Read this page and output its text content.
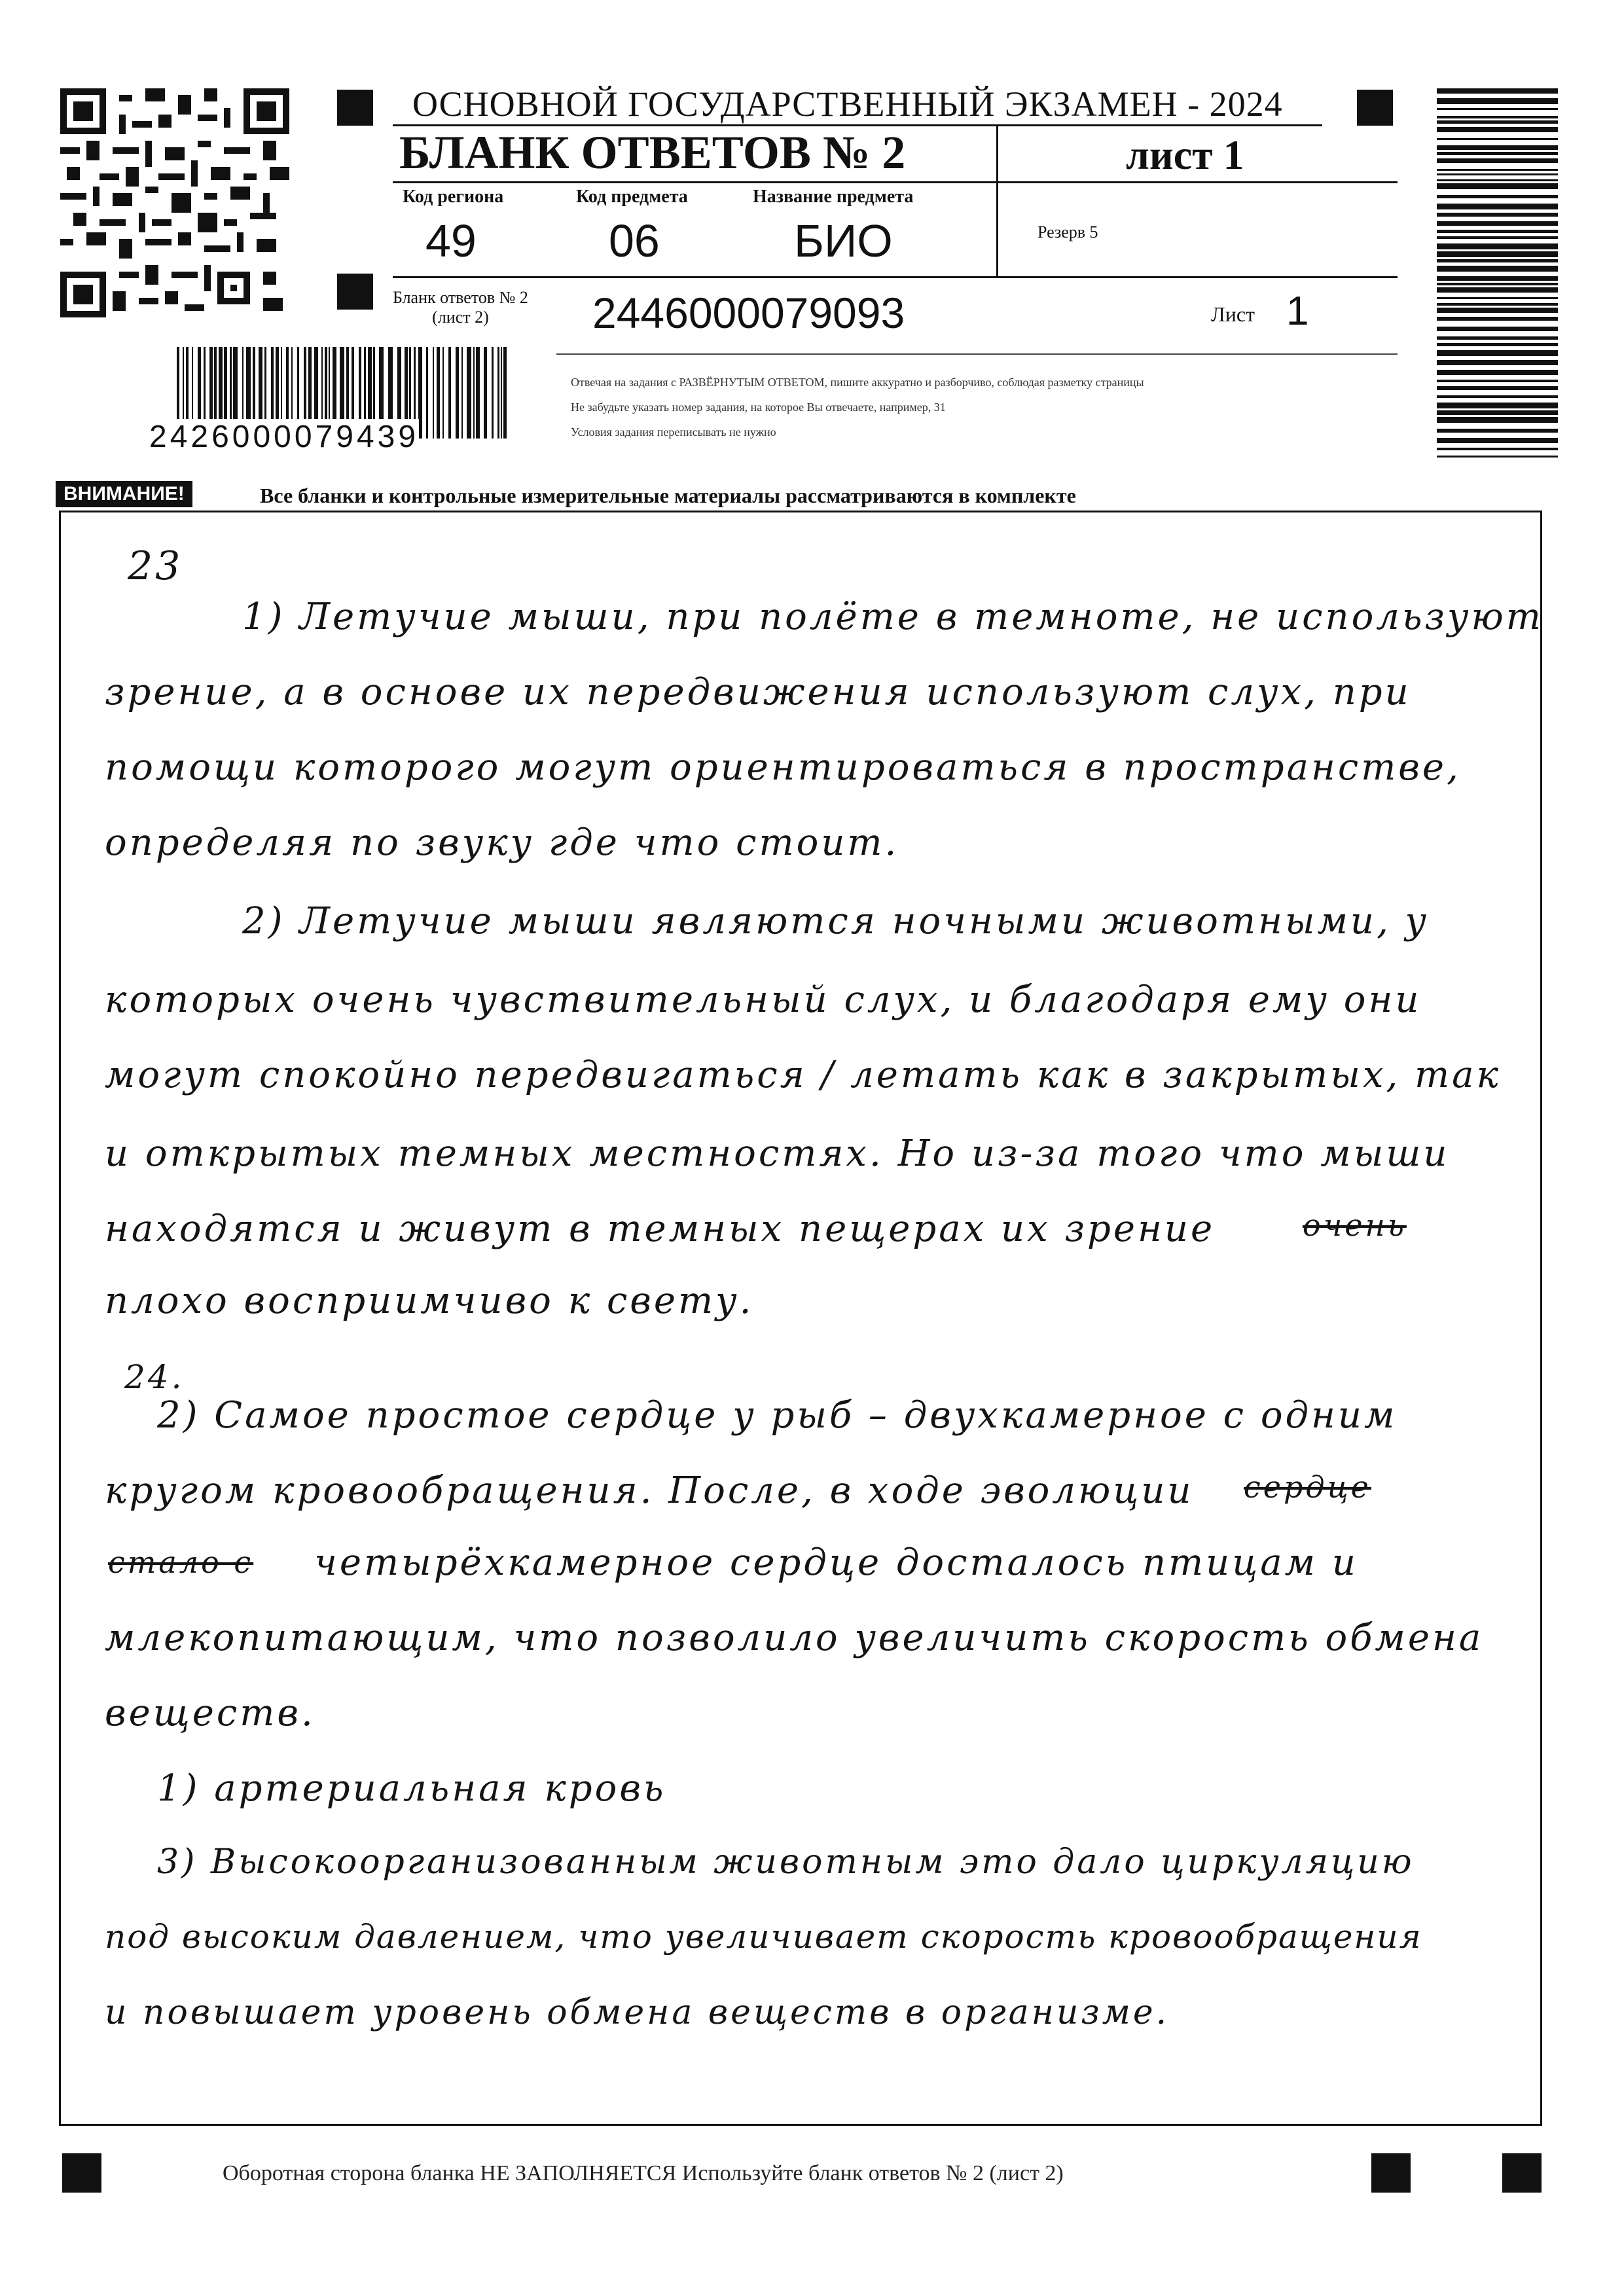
ОСНОВНОЙ ГОСУДАРСТВЕННЫЙ ЭКЗАМЕН - 2024
БЛАНК ОТВЕТОВ № 2	лист 1
Код региона
49
Код предмета
06
Название предмета
БИО	Резерв 5
Бланк ответов № 2
(лист 2)	2446000079093	Лист 1
Отвечая на задания с РАЗВЁРНУТЫМ ОТВЕТОМ, пишите аккуратно и разборчиво, соблюдая разметку страницы
Не забудьте указать номер задания, на которое Вы отвечаете, например, 31
Условия задания переписывать не нужно
2426000079439
ВНИМАНИЕ!	Все бланки и контрольные измерительные материалы рассматриваются в комплекте
23
1) Летучие мыши, при полёте в темноте, не используют
зрение, а в основе их передвижения используют слух, при
помощи которого могут ориентироваться в пространстве,
определяя по звуку где что стоит.
2) Летучие мыши являются ночными животными, у
которых очень чувствительный слух, и благодаря ему они
могут спокойно передвигаться / летать как в закрытых, так
и открытых темных местностях. Но из-за того что мыши
находятся и живут в темных пещерах их зрение	очень
плохо восприимчиво к свету.
24.
2) Самое простое сердце у рыб – двухкамерное с одним
кругом кровообращения. После, в ходе эволюции сердце
стало с четырёхкамерное сердце досталось птицам и
млекопитающим, что позволило увеличить скорость обмена
веществ.
1) артериальная кровь
3) Высокоорганизованным животным это дало циркуляцию
под высоким давлением, что увеличивает скорость кровообращения
и повышает уровень обмена веществ в организме.
Оборотная сторона бланка НЕ ЗАПОЛНЯЕТСЯ Используйте бланк ответов № 2 (лист 2)
